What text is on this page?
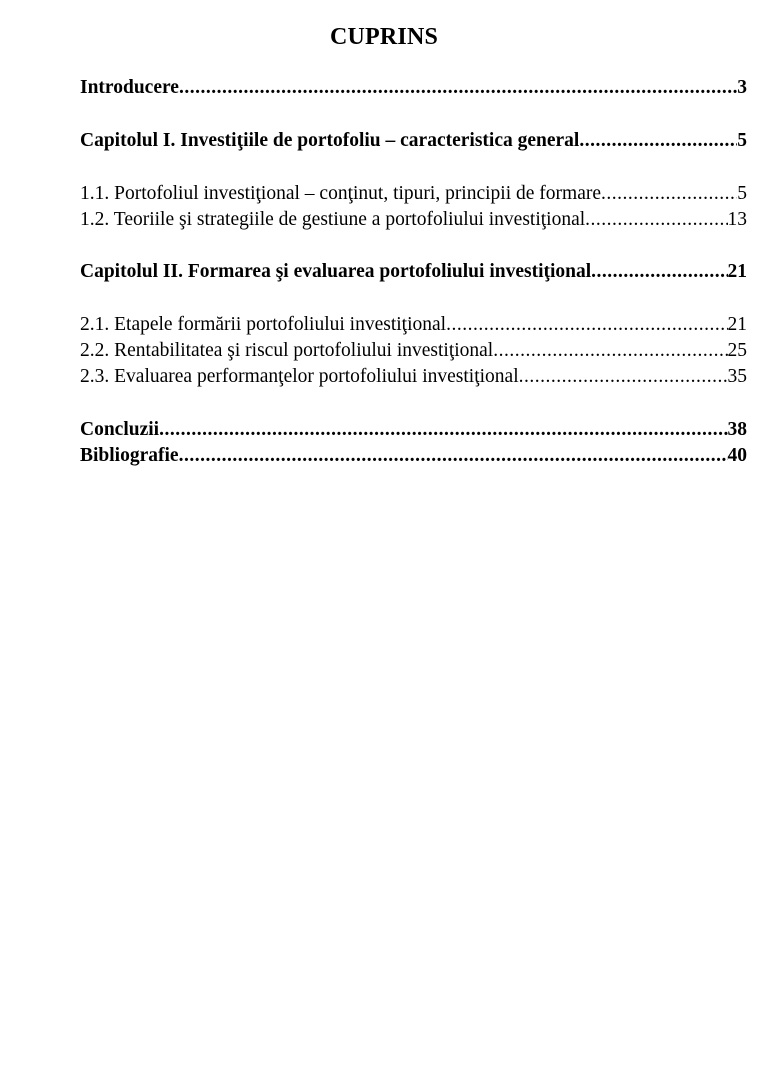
CUPRINS
Introducere .....	3
Capitolul I. Investiţiile de portofoliu – caracteristica general .....	5
1.1. Portofoliul investiţional – conţinut, tipuri, principii de formare .....	5
1.2. Teoriile şi strategiile de gestiune a portofoliului investiţional .....	13
Capitolul II. Formarea şi evaluarea portofoliului investiţional .....	21
2.1. Etapele formării portofoliului investiţional .....	21
2.2. Rentabilitatea şi riscul portofoliului investiţional .....	25
2.3. Evaluarea performanţelor portofoliului investiţional .....	35
Concluzii .....	38
Bibliografie .....	40
